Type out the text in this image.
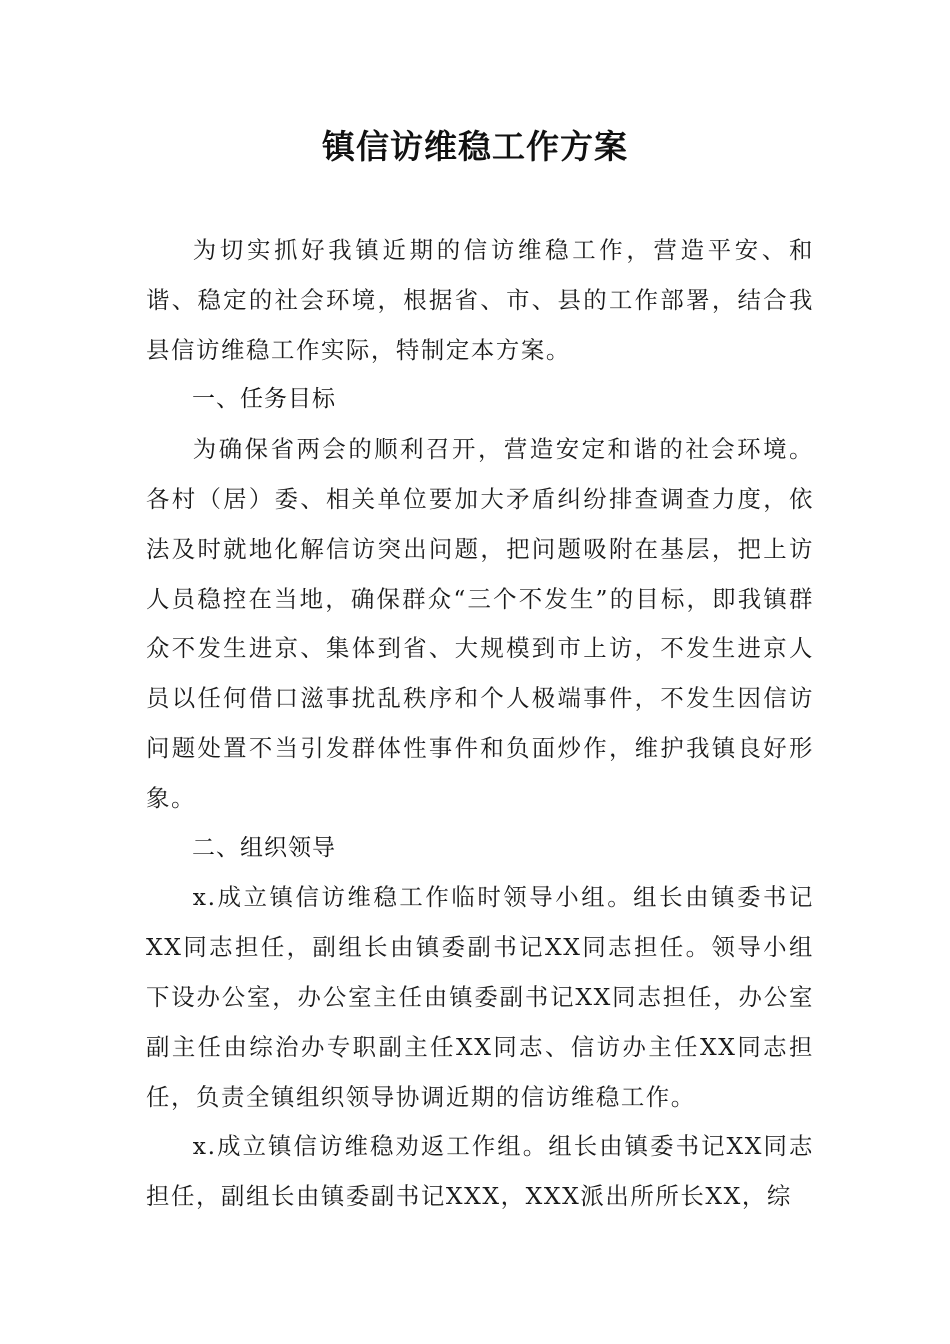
镇信访维稳工作方案

为切实抓好我镇近期的信访维稳工作，营造平安、和谐、稳定的社会环境，根据省、市、县的工作部署，结合我县信访维稳工作实际，特制定本方案。

一、任务目标

为确保省两会的顺利召开，营造安定和谐的社会环境。各村（居）委、相关单位要加大矛盾纠纷排查调查力度，依法及时就地化解信访突出问题，把问题吸附在基层，把上访人员稳控在当地，确保群众“三个不发生”的目标，即我镇群众不发生进京、集体到省、大规模到市上访，不发生进京人员以任何借口滋事扰乱秩序和个人极端事件，不发生因信访问题处置不当引发群体性事件和负面炒作，维护我镇良好形象。

二、组织领导

x.成立镇信访维稳工作临时领导小组。组长由镇委书记XX同志担任，副组长由镇委副书记XX同志担任。领导小组下设办公室，办公室主任由镇委副书记XX同志担任，办公室副主任由综治办专职副主任XX同志、信访办主任XX同志担任，负责全镇组织领导协调近期的信访维稳工作。

x.成立镇信访维稳劝返工作组。组长由镇委书记XX同志担任，副组长由镇委副书记XXX，XXX派出所所长XX，综
